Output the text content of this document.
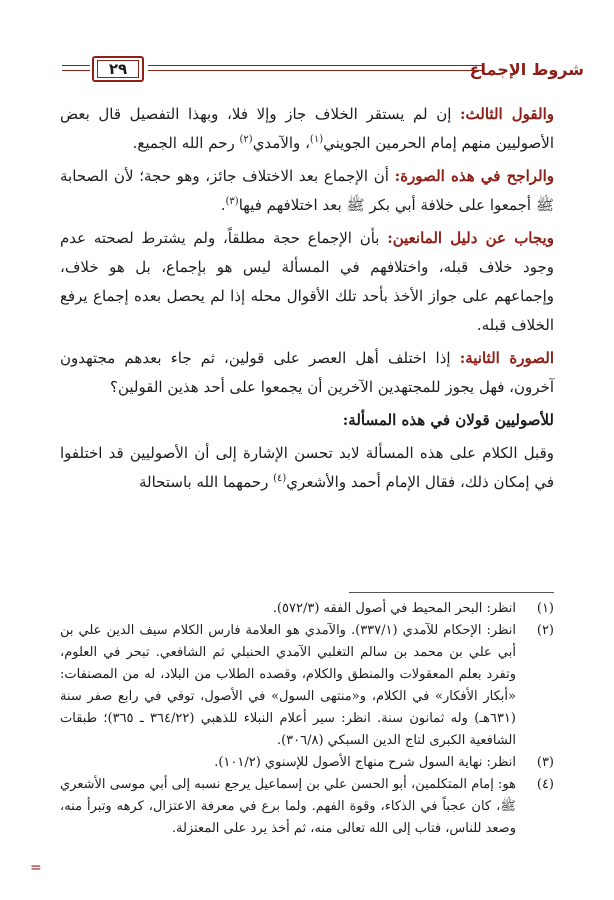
شروط الإجماع
٢٩

والقول الثالث: إن لم يستقر الخلاف جاز وإلا فلا، وبهذا التفصيل قال بعض الأصوليين منهم إمام الحرمين الجويني$^{(١)}$، والآمدي$^{(٢)}$ رحم الله الجميع.

والراجح في هذه الصورة: أن الإجماع بعد الاختلاف جائز، وهو حجة؛ لأن الصحابة ﷺ أجمعوا على خلافة أبي بكر ﷺ بعد اختلافهم فيها$^{(٣)}$.

ويجاب عن دليل المانعين: بأن الإجماع حجة مطلقاً، ولم يشترط لصحته عدم وجود خلاف قبله، واختلافهم في المسألة ليس هو بإجماع، بل هو خلاف، وإجماعهم على جواز الأخذ بأحد تلك الأقوال محله إذا لم يحصل بعده إجماع يرفع الخلاف قبله.

الصورة الثانية: إذا اختلف أهل العصر على قولين، ثم جاء بعدهم مجتهدون آخرون، فهل يجوز للمجتهدين الآخرين أن يجمعوا على أحد هذين القولين؟

للأصوليين قولان في هذه المسألة:

وقبل الكلام على هذه المسألة لابد تحسن الإشارة إلى أن الأصوليين قد اختلفوا في إمكان ذلك، فقال الإمام أحمد والأشعري$^{(٤)}$ رحمهما الله باستحالة

(١)
انظر: البحر المحيط في أصول الفقه (٥٧٢/٣).
(٢)
انظر: الإحكام للآمدي (٣٣٧/١). والآمدي هو العلامة فارس الكلام سيف الدين علي بن أبي علي بن محمد بن سالم التغلبي الآمدي الحنبلي ثم الشافعي. تبحر في العلوم، وتفرد بعلم المعقولات والمنطق والكلام، وقصده الطلاب من البلاد، له من المصنفات: «أبكار الأفكار» في الكلام، و«منتهى السول» في الأصول، توفي في رابع صفر سنة (٦٣١هـ) وله ثمانون سنة. انظر: سير أعلام النبلاء للذهبي (٣٦٤/٢٢ ـ ٣٦٥)؛ طبقات الشافعية الكبرى لتاج الدين السبكي (٣٠٦/٨).
(٣)
انظر: نهاية السول شرح منهاج الأصول للإسنوي (١٠١/٢).
(٤)
هو: إمام المتكلمين، أبو الحسن علي بن إسماعيل يرجع نسبه إلى أبي موسى الأشعري ﷺ، كان عجباً في الذكاء، وقوة الفهم. ولما برع في معرفة الاعتزال، كرهه وتبرأ منه، وصعد للناس، فتاب إلى الله تعالى منه، ثم أخذ يرد على المعتزلة.
=
